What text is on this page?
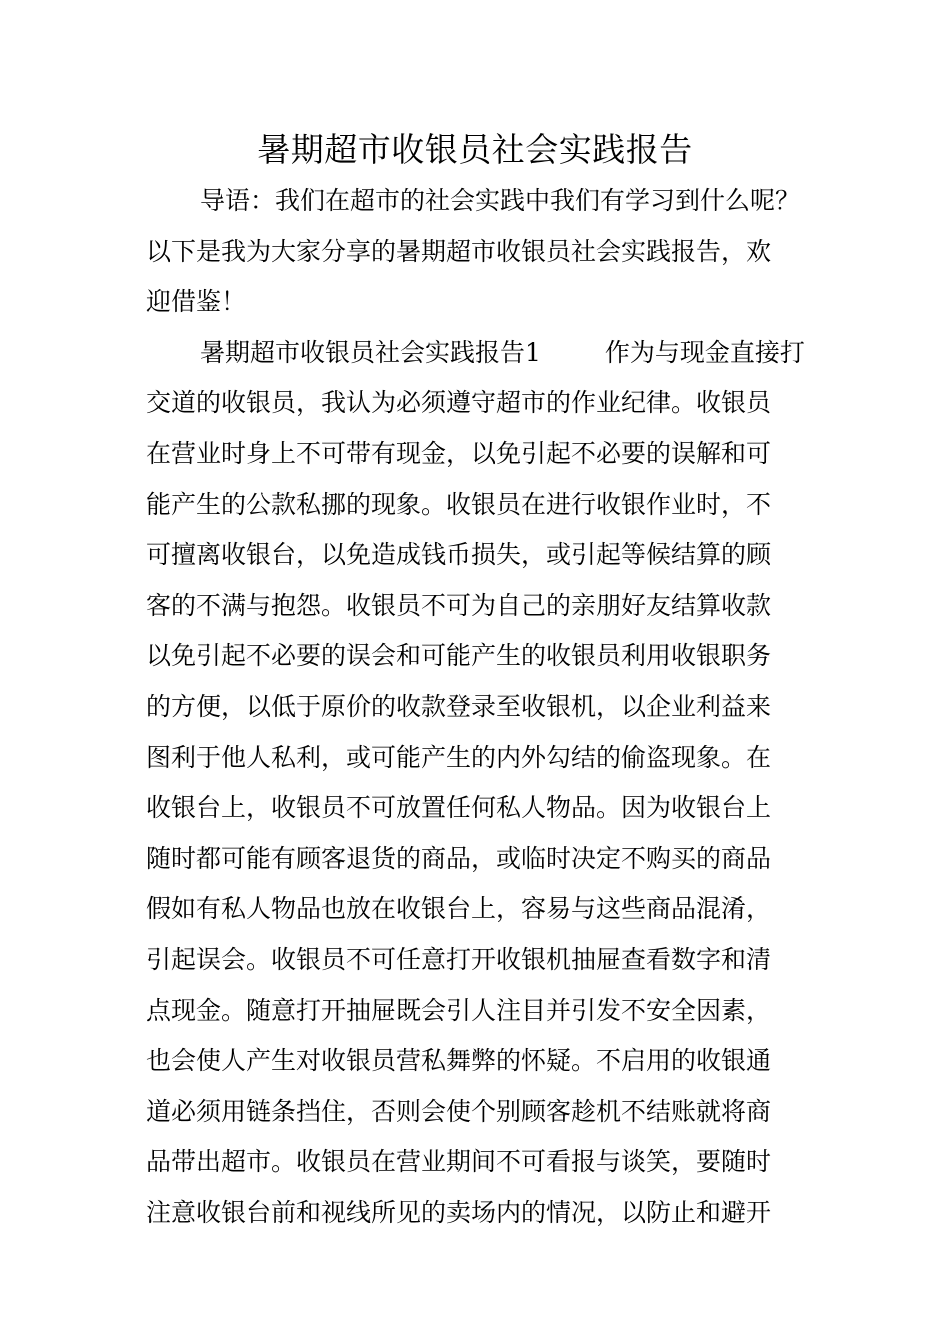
暑期超市收银员社会实践报告
导语：我们在超市的社会实践中我们有学习到什么呢？
以下是我为大家分享的暑期超市收银员社会实践报告，欢
迎借鉴！
暑期超市收银员社会实践报告1	作为与现金直接打
交道的收银员，我认为必须遵守超市的作业纪律。收银员
在营业时身上不可带有现金，以免引起不必要的误解和可
能产生的公款私挪的现象。收银员在进行收银作业时，不
可擅离收银台，以免造成钱币损失，或引起等候结算的顾
客的不满与抱怨。收银员不可为自己的亲朋好友结算收款
以免引起不必要的误会和可能产生的收银员利用收银职务
的方便，以低于原价的收款登录至收银机，以企业利益来
图利于他人私利，或可能产生的内外勾结的偷盗现象。在
收银台上，收银员不可放置任何私人物品。因为收银台上
随时都可能有顾客退货的商品，或临时决定不购买的商品
假如有私人物品也放在收银台上，容易与这些商品混淆，
引起误会。收银员不可任意打开收银机抽屉查看数字和清
点现金。随意打开抽屉既会引人注目并引发不安全因素，
也会使人产生对收银员营私舞弊的怀疑。不启用的收银通
道必须用链条挡住，否则会使个别顾客趁机不结账就将商
品带出超市。收银员在营业期间不可看报与谈笑，要随时
注意收银台前和视线所见的卖场内的情况，以防止和避开
